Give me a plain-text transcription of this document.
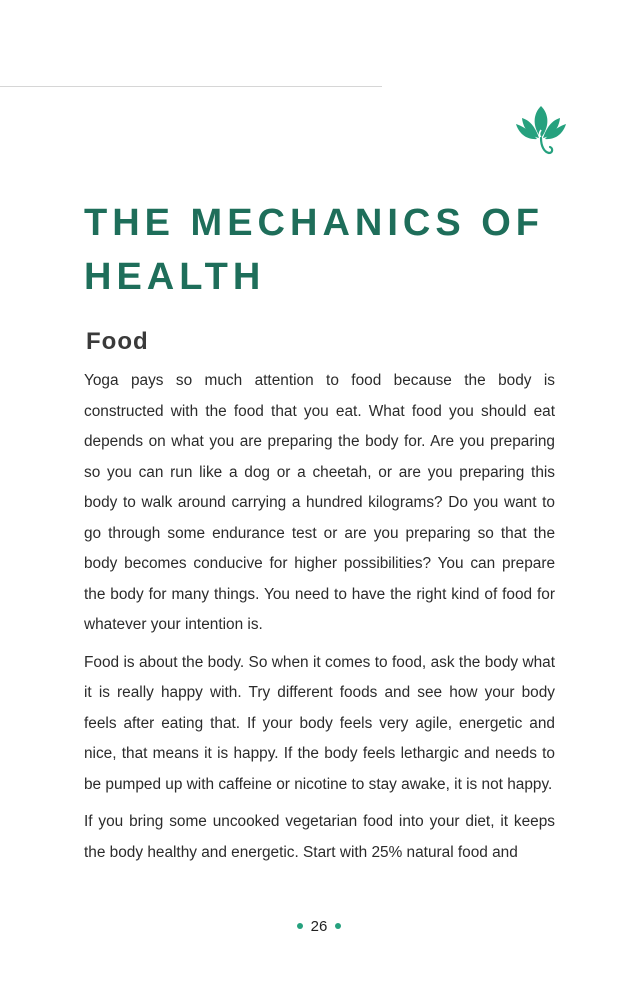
THE MECHANICS OF
HEALTH
Food

Yoga pays so much attention to food because the body is constructed with the food that you eat. What food you should eat depends on what you are preparing the body for. Are you preparing so you can run like a dog or a cheetah, or are you preparing this body to walk around carrying a hundred kilograms? Do you want to go through some endurance test or are you preparing so that the body becomes conducive for higher possibilities? You can prepare the body for many things. You need to have the right kind of food for whatever your intention is.

Food is about the body. So when it comes to food, ask the body what it is really happy with. Try different foods and see how your body feels after eating that. If your body feels very agile, energetic and nice, that means it is happy. If the body feels lethargic and needs to be pumped up with caffeine or nicotine to stay awake, it is not happy.

If you bring some uncooked vegetarian food into your diet, it keeps the body healthy and energetic. Start with 25% natural food and

26
